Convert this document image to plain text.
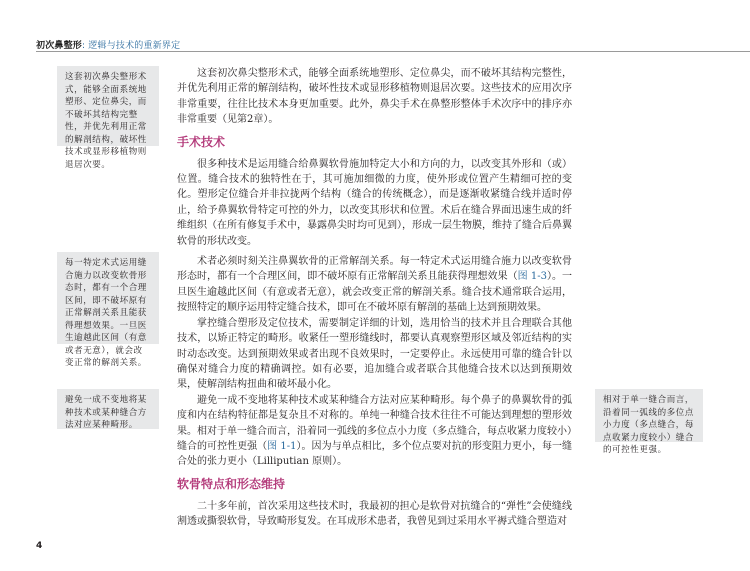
初次鼻整形: 逻辑与技术的重新界定
这套初次鼻尖整形术式，能够全面系统地塑形、定位鼻尖，而不破坏其结构完整性，并优先利用正常的解剖结构，破坏性技术或显形移植物则退居次要。
每一特定术式运用缝合施力以改变软骨形态时，都有一个合理区间，即不破坏原有正常解剖关系且能获得理想效果。一旦医生逾越此区间（有意或者无意），就会改变正常的解剖关系。
避免一成不变地将某种技术或某种缝合方法对应某种畸形。
相对于单一缝合而言，沿着同一弧线的多位点小力度（多点缝合，每点收紧力度较小）缝合的可控性更强。

这套初次鼻尖整形术式，能够全面系统地塑形、定位鼻尖，而不破坏其结构完整性，并优先利用正常的解剖结构，破坏性技术或显形移植物则退居次要。这些技术的应用次序非常重要，往往比技术本身更加重要。此外，鼻尖手术在鼻整形整体手术次序中的排序亦非常重要（见第2章）。

手术技术

很多种技术是运用缝合给鼻翼软骨施加特定大小和方向的力，以改变其外形和（或）位置。缝合技术的独特性在于，其可施加细微的力度，使外形或位置产生精细可控的变化。塑形定位缝合并非拉拢两个结构（缝合的传统概念），而是逐渐收紧缝合线并适时停止，给予鼻翼软骨特定可控的外力，以改变其形状和位置。术后在缝合界面迅速生成的纤维组织（在所有修复手术中，暴露鼻尖时均可见到），形成一层生物膜，维持了缝合后鼻翼软骨的形状改变。

术者必须时刻关注鼻翼软骨的正常解剖关系。每一特定术式运用缝合施力以改变软骨形态时，都有一个合理区间，即不破坏原有正常解剖关系且能获得理想效果（图 1-3）。一旦医生逾越此区间（有意或者无意），就会改变正常的解剖关系。缝合技术通常联合运用，按照特定的顺序运用特定缝合技术，即可在不破坏原有解剖的基础上达到预期效果。

掌控缝合塑形及定位技术，需要制定详细的计划，选用恰当的技术并且合理联合其他技术，以矫正特定的畸形。收紧任一塑形缝线时，都要认真观察塑形区域及邻近结构的实时动态改变。达到预期效果或者出现不良效果时，一定要停止。永远使用可靠的缝合针以确保对缝合力度的精确调控。如有必要，追加缝合或者联合其他缝合技术以达到预期效果，使解剖结构扭曲和破坏最小化。

避免一成不变地将某种技术或某种缝合方法对应某种畸形。每个鼻子的鼻翼软骨的弧度和内在结构特征都是复杂且不对称的。单纯一种缝合技术往往不可能达到理想的塑形效果。相对于单一缝合而言，沿着同一弧线的多位点小力度（多点缝合，每点收紧力度较小）缝合的可控性更强（图 1-1）。因为与单点相比，多个位点要对抗的形变阻力更小，每一缝合处的张力更小（Lilliputian 原则）。

软骨特点和形态维持

二十多年前，首次采用这些技术时，我最初的担心是软骨对抗缝合的“弹性”会使缝线割透或撕裂软骨，导致畸形复发。在耳成形术患者，我曾见到过采用水平褥式缝合塑造对

4
